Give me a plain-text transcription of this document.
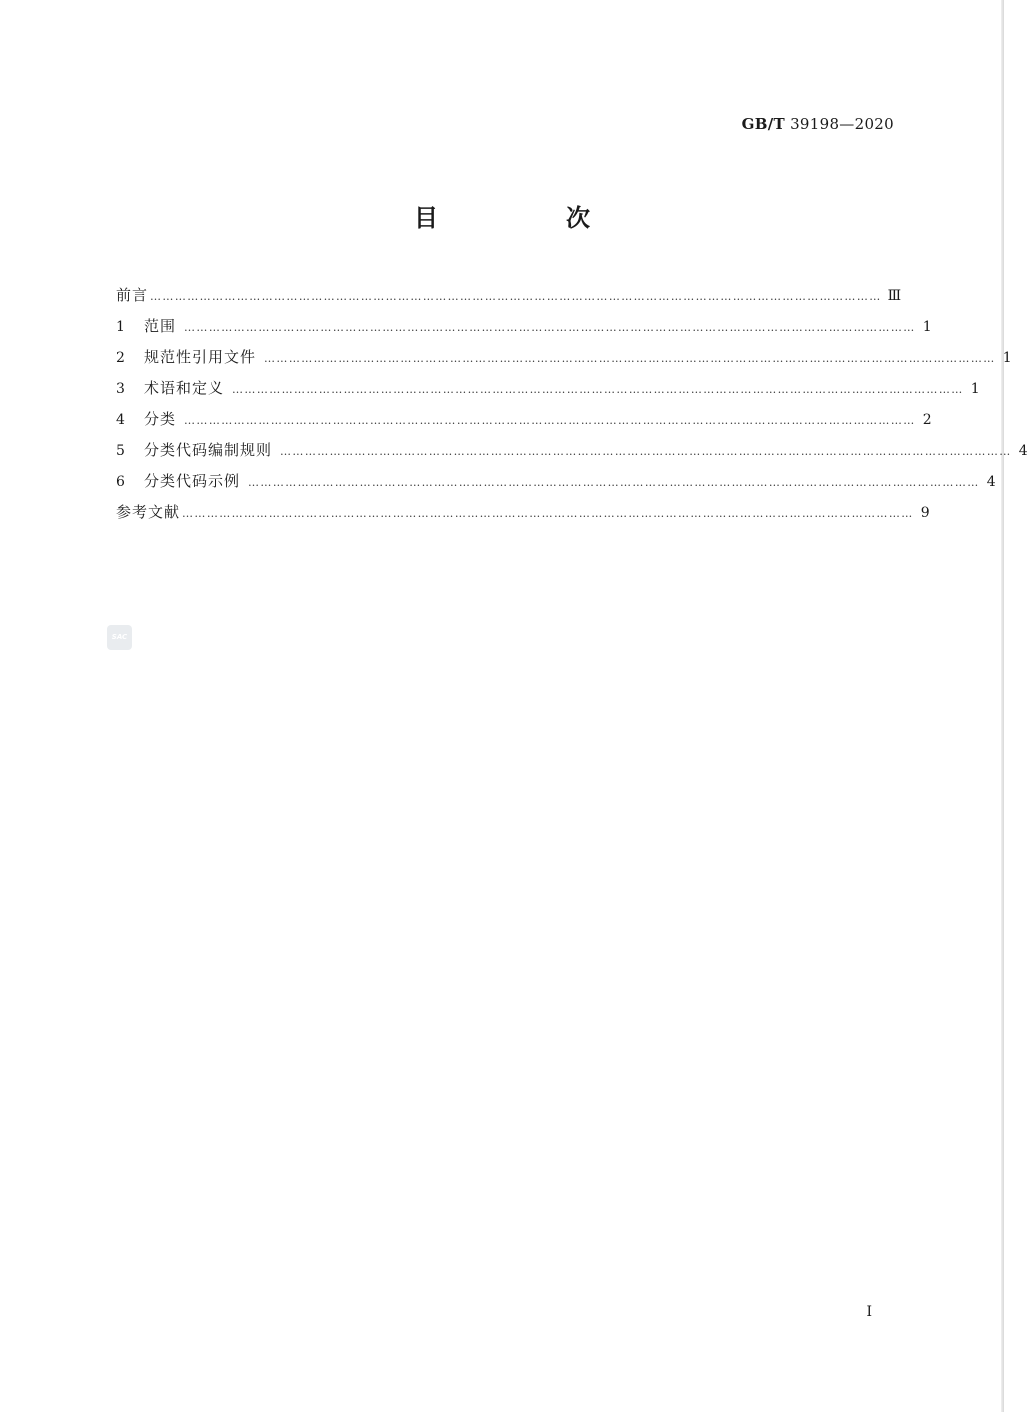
GB/T 39198—2020
目　次
前言 …………………………………………………………………………………………………………………………………………………………… Ⅲ
1	范围 …………………………………………………………………………………………………………………………………………………………… 1
2	规范性引用文件 …………………………………………………………………………………………………………………………………………………………… 1
3	术语和定义 …………………………………………………………………………………………………………………………………………………………… 1
4	分类 …………………………………………………………………………………………………………………………………………………………… 2
5	分类代码编制规则 …………………………………………………………………………………………………………………………………………………………… 4
6	分类代码示例 …………………………………………………………………………………………………………………………………………………………… 4
参考文献 …………………………………………………………………………………………………………………………………………………………… 9
SAC
Ⅰ
